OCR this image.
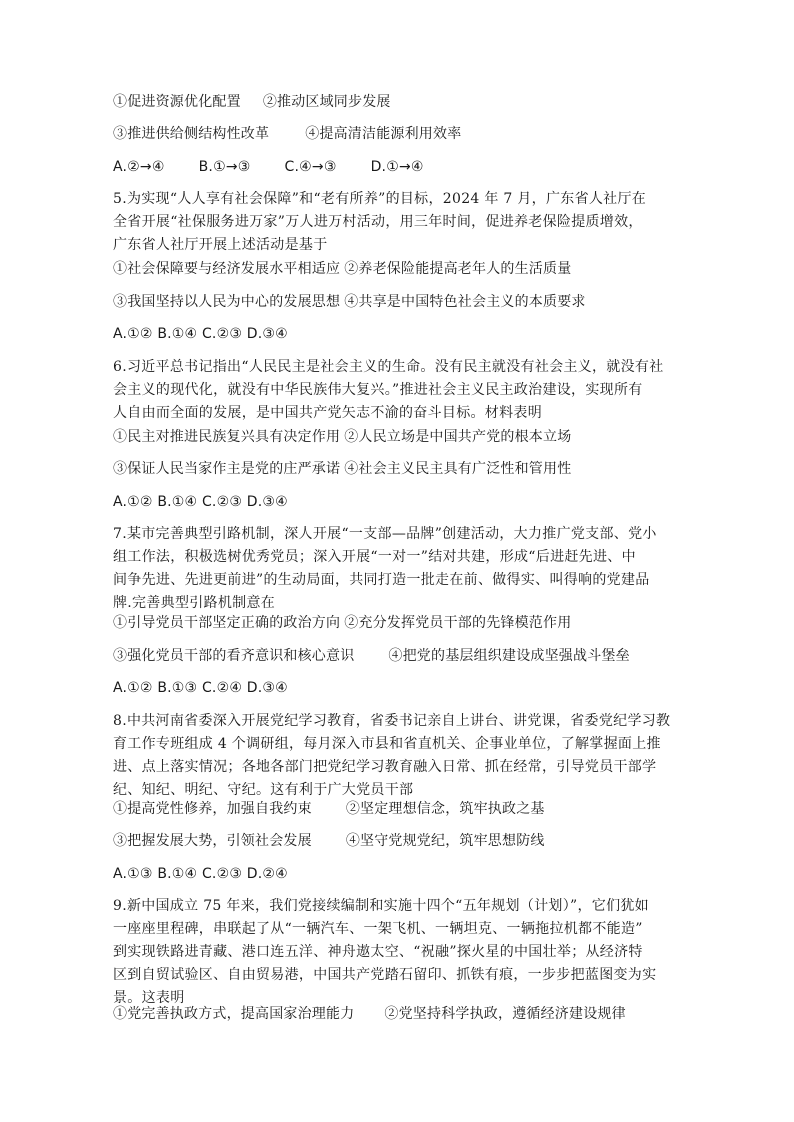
①促进资源优化配置 ②推动区域同步发展
③推进供给侧结构性改革	④提高清洁能源利用效率
A.②→④ B.①→③ C.④→③ D.①→④
5.为实现“人人享有社会保障”和“老有所养”的目标，2024 年 7 月，广东省人社厅在
全省开展“社保服务进万家”万人进万村活动，用三年时间，促进养老保险提质增效，
广东省人社厅开展上述活动是基于
①社会保障要与经济发展水平相适应 ②养老保险能提高老年人的生活质量
③我国坚持以人民为中心的发展思想 ④共享是中国特色社会主义的本质要求
A.①② B.①④ C.②③ D.③④
6.习近平总书记指出“人民民主是社会主义的生命。没有民主就没有社会主义，就没有社
会主义的现代化，就没有中华民族伟大复兴。”推进社会主义民主政治建设，实现所有
人自由而全面的发展，是中国共产党矢志不渝的奋斗目标。材料表明
①民主对推进民族复兴具有决定作用 ②人民立场是中国共产党的根本立场
③保证人民当家作主是党的庄严承诺 ④社会主义民主具有广泛性和管用性
A.①② B.①④ C.②③ D.③④
7.某市完善典型引路机制，深人开展“一支部—品牌”创建活动，大力推广党支部、党小
组工作法，积极选树优秀党员；深入开展“一对一”结对共建，形成“后进赶先进、中
间争先进、先进更前进”的生动局面，共同打造一批走在前、做得实、叫得响的党建品
牌.完善典型引路机制意在
①引导党员干部坚定正确的政治方向 ②充分发挥党员干部的先锋模范作用
③强化党员干部的看齐意识和核心意识 ④把党的基层组织建设成坚强战斗堡垒
A.①② B.①③ C.②④ D.③④
8.中共河南省委深入开展党纪学习教育，省委书记亲自上讲台、讲党课，省委党纪学习教
育工作专班组成 4 个调研组，每月深入市县和省直机关、企事业单位，了解掌握面上推
进、点上落实情况；各地各部门把党纪学习教育融入日常、抓在经常，引导党员干部学
纪、知纪、明纪、守纪。这有利于广大党员干部
①提高党性修养，加强自我约束 ②坚定理想信念，筑牢执政之基
③把握发展大势，引领社会发展 ④坚守党规党纪，筑牢思想防线
A.①③ B.①④ C.②③ D.②④
9.新中国成立 75 年来，我们党接续编制和实施十四个“五年规划（计划）”，它们犹如
一座座里程碑，串联起了从“一辆汽车、一架飞机、一辆坦克、一辆拖拉机都不能造”
到实现铁路进青藏、港口连五洋、神舟遨太空、“祝融”探火星的中国壮举；从经济特
区到自贸试验区、自由贸易港，中国共产党踏石留印、抓铁有痕，一步步把蓝图变为实
景。这表明
①党完善执政方式，提高国家治理能力 ②党坚持科学执政，遵循经济建设规律
